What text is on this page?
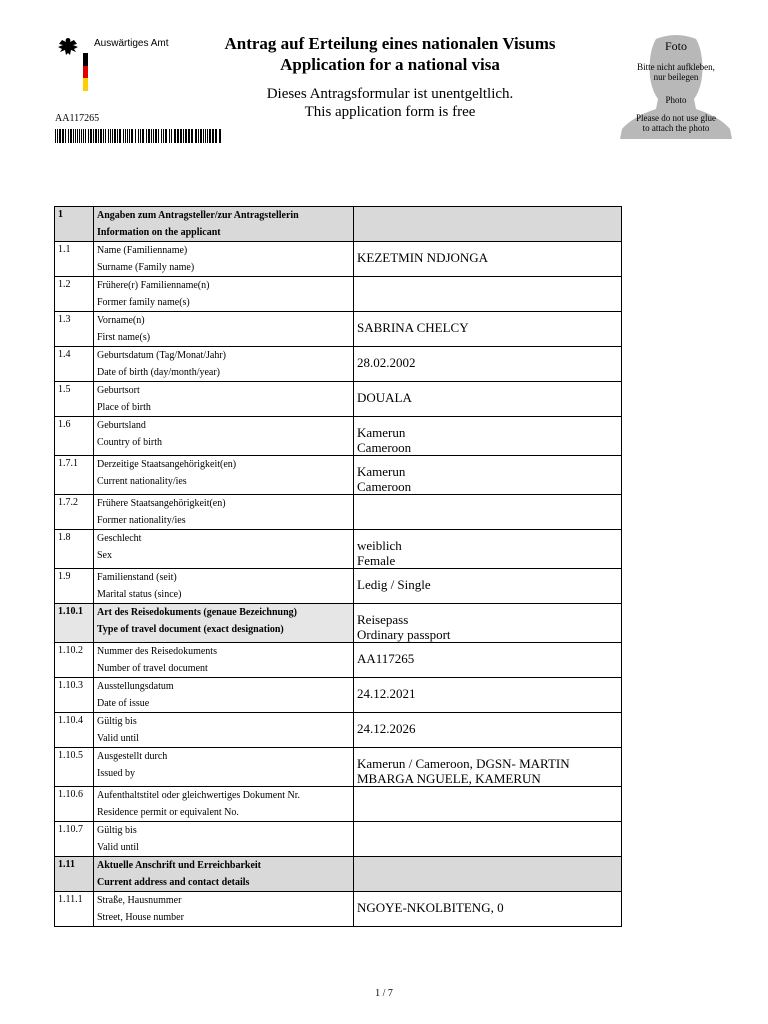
Auswärtiges Amt	Antrag auf Erteilung eines nationalen Visums
Application for a national visa
Dieses Antragsformular ist unentgeltlich.
This application form is free
AA117265
Foto
Bitte nicht aufkleben,
nur beilegen
Photo
Please do not use glue
to attach the photo
1	Angaben zum Antragsteller/zur Antragstellerin
Information on the applicant	

1.1	Name (Familienname)
Surname (Family name)	KEZETMIN NDJONGA

1.2	Frühere(r) Familienname(n)
Former family name(s)	

1.3	Vorname(n)
First name(s)	SABRINA CHELCY

1.4	Geburtsdatum (Tag/Monat/Jahr)
Date of birth (day/month/year)	28.02.2002

1.5	Geburtsort
Place of birth	DOUALA

1.6	Geburtsland
Country of birth	Kamerun
Cameroon

1.7.1	Derzeitige Staatsangehörigkeit(en)
Current nationality/ies	Kamerun
Cameroon

1.7.2	Frühere Staatsangehörigkeit(en)
Former nationality/ies	

1.8	Geschlecht
Sex	weiblich
Female

1.9	Familienstand (seit)
Marital status (since)	Ledig / Single

1.10.1	Art des Reisedokuments (genaue Bezeichnung)
Type of travel document (exact designation)	Reisepass
Ordinary passport

1.10.2	Nummer des Reisedokuments
Number of travel document	AA117265

1.10.3	Ausstellungsdatum
Date of issue	24.12.2021

1.10.4	Gültig bis
Valid until	24.12.2026

1.10.5	Ausgestellt durch
Issued by	Kamerun / Cameroon, DGSN- MARTIN
MBARGA NGUELE, KAMERUN

1.10.6	Aufenthaltstitel oder gleichwertiges Dokument Nr.
Residence permit or equivalent No.	

1.10.7	Gültig bis
Valid until	

1.11	Aktuelle Anschrift und Erreichbarkeit
Current address and contact details	

1.11.1	Straße, Hausnummer
Street, House number	NGOYE-NKOLBITENG, 0
1 / 7
